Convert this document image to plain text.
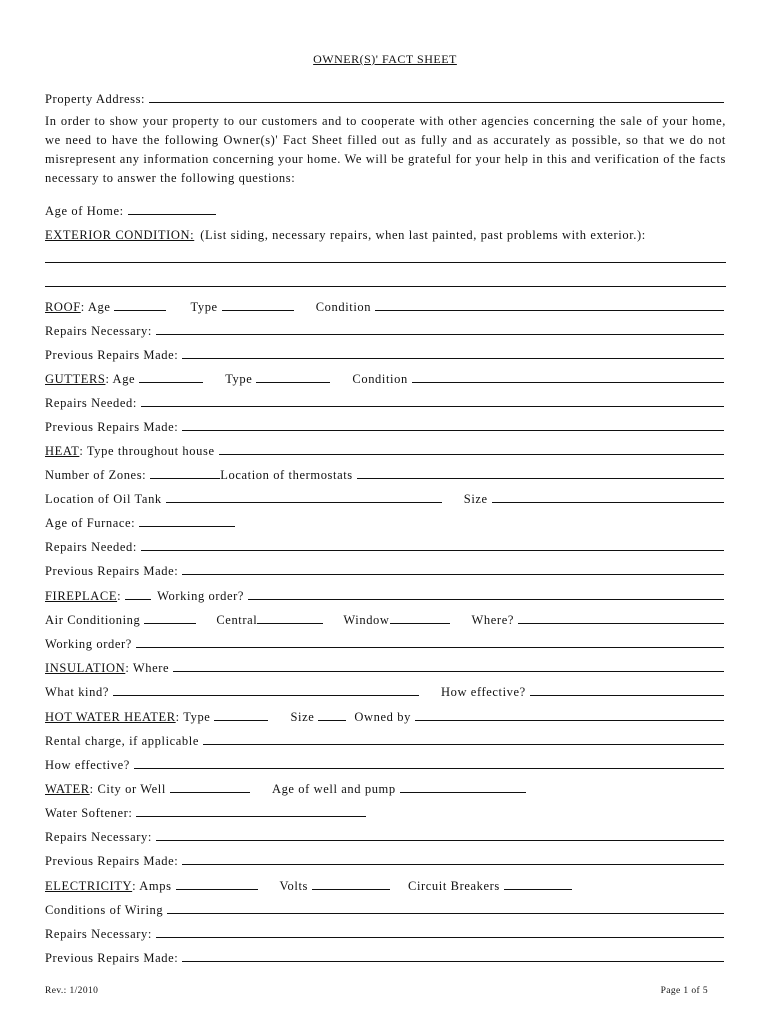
OWNER(S)' FACT SHEET
Property Address:
In order to show your property to our customers and to cooperate with other agencies concerning the sale of your home, we need to have the following Owner(s)' Fact Sheet filled out as fully and as accurately as possible, so that we do not misrepresent any information concerning your home. We will be grateful for your help in this and verification of the facts necessary to answer the following questions:
Age of Home:
EXTERIOR CONDITION: (List siding, necessary repairs, when last painted, past problems with exterior.):
ROOF : Age	Type	Condition
Repairs Necessary:
Previous Repairs Made:
GUTTERS : Age	Type	Condition
Repairs Needed:
Previous Repairs Made:
HEAT : Type throughout house
Number of Zones:	Location of thermostats
Location of Oil Tank	Size
Age of Furnace:
Repairs Needed:
Previous Repairs Made:
FIREPLACE :	Working order?
Air Conditioning	Central	Window	Where?
Working order?
INSULATION : Where
What kind?	How effective?
HOT WATER HEATER : Type	Size	Owned by
Rental charge, if applicable
How effective?
WATER : City or Well	Age of well and pump
Water Softener:
Repairs Necessary:
Previous Repairs Made:
ELECTRICITY : Amps	Volts	Circuit Breakers
Conditions of Wiring
Repairs Necessary:
Previous Repairs Made:
Rev.: 1/2010	Page 1 of 5
